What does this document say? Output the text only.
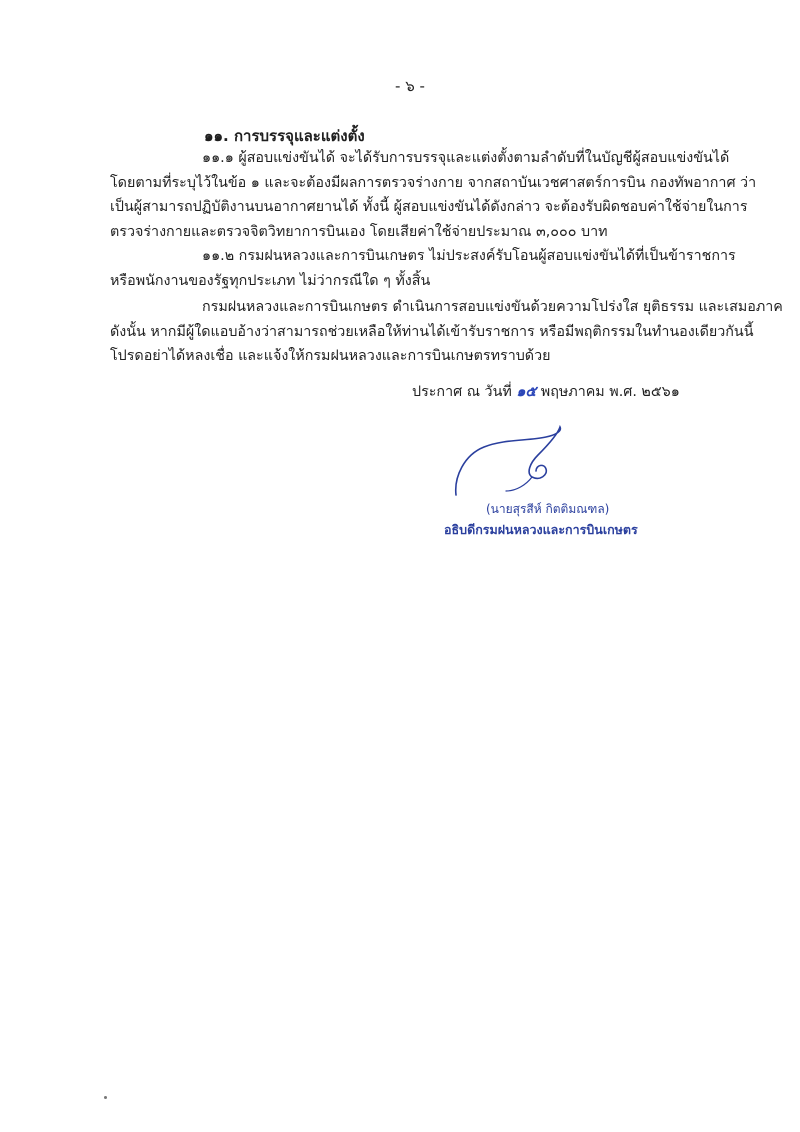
- ๖ -
๑๑. การบรรจุและแต่งตั้ง
๑๑.๑ ผู้สอบแข่งขันได้ จะได้รับการบรรจุและแต่งตั้งตามลำดับที่ในบัญชีผู้สอบแข่งขันได้
โดยตามที่ระบุไว้ในข้อ ๑ และจะต้องมีผลการตรวจร่างกาย จากสถาบันเวชศาสตร์การบิน กองทัพอากาศ ว่า
เป็นผู้สามารถปฏิบัติงานบนอากาศยานได้ ทั้งนี้ ผู้สอบแข่งขันได้ดังกล่าว จะต้องรับผิดชอบค่าใช้จ่ายในการ
ตรวจร่างกายและตรวจจิตวิทยาการบินเอง โดยเสียค่าใช้จ่ายประมาณ ๓,๐๐๐ บาท
๑๑.๒ กรมฝนหลวงและการบินเกษตร ไม่ประสงค์รับโอนผู้สอบแข่งขันได้ที่เป็นข้าราชการ
หรือพนักงานของรัฐทุกประเภท ไม่ว่ากรณีใด ๆ ทั้งสิ้น
กรมฝนหลวงและการบินเกษตร ดำเนินการสอบแข่งขันด้วยความโปร่งใส ยุติธรรม และเสมอภาค
ดังนั้น หากมีผู้ใดแอบอ้างว่าสามารถช่วยเหลือให้ท่านได้เข้ารับราชการ หรือมีพฤติกรรมในทำนองเดียวกันนี้
โปรดอย่าได้หลงเชื่อ และแจ้งให้กรมฝนหลวงและการบินเกษตรทราบด้วย
ประกาศ ณ วันที่ ๑๕ พฤษภาคม พ.ศ. ๒๕๖๑
(นายสุรสีห์ กิตติมณฑล)
อธิบดีกรมฝนหลวงและการบินเกษตร
